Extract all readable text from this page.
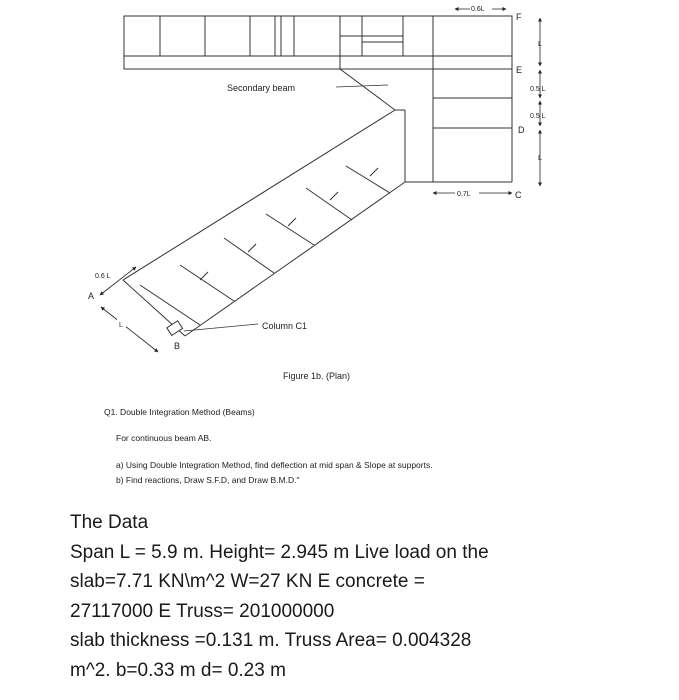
Column C1
Secondary beam
0.6L
0.7L
L
0.5 L
0.5 L
L
F
E
D
C
A
B
0.6 L
L
Figure 1b. (Plan)
Q1. Double Integration Method (Beams)
For continuous beam AB.
a) Using Double Integration Method, find deflection at mid span & Slope at supports.
b) Find reactions, Draw S.F.D, and Draw B.M.D."
The Data
Span L = 5.9 m. Height= 2.945 m Live load on the
slab=7.71 KN\m^2 W=27 KN E concrete =
27117000 E Truss= 201000000
slab thickness =0.131 m. Truss Area= 0.004328
m^2. b=0.33 m d= 0.23 m
